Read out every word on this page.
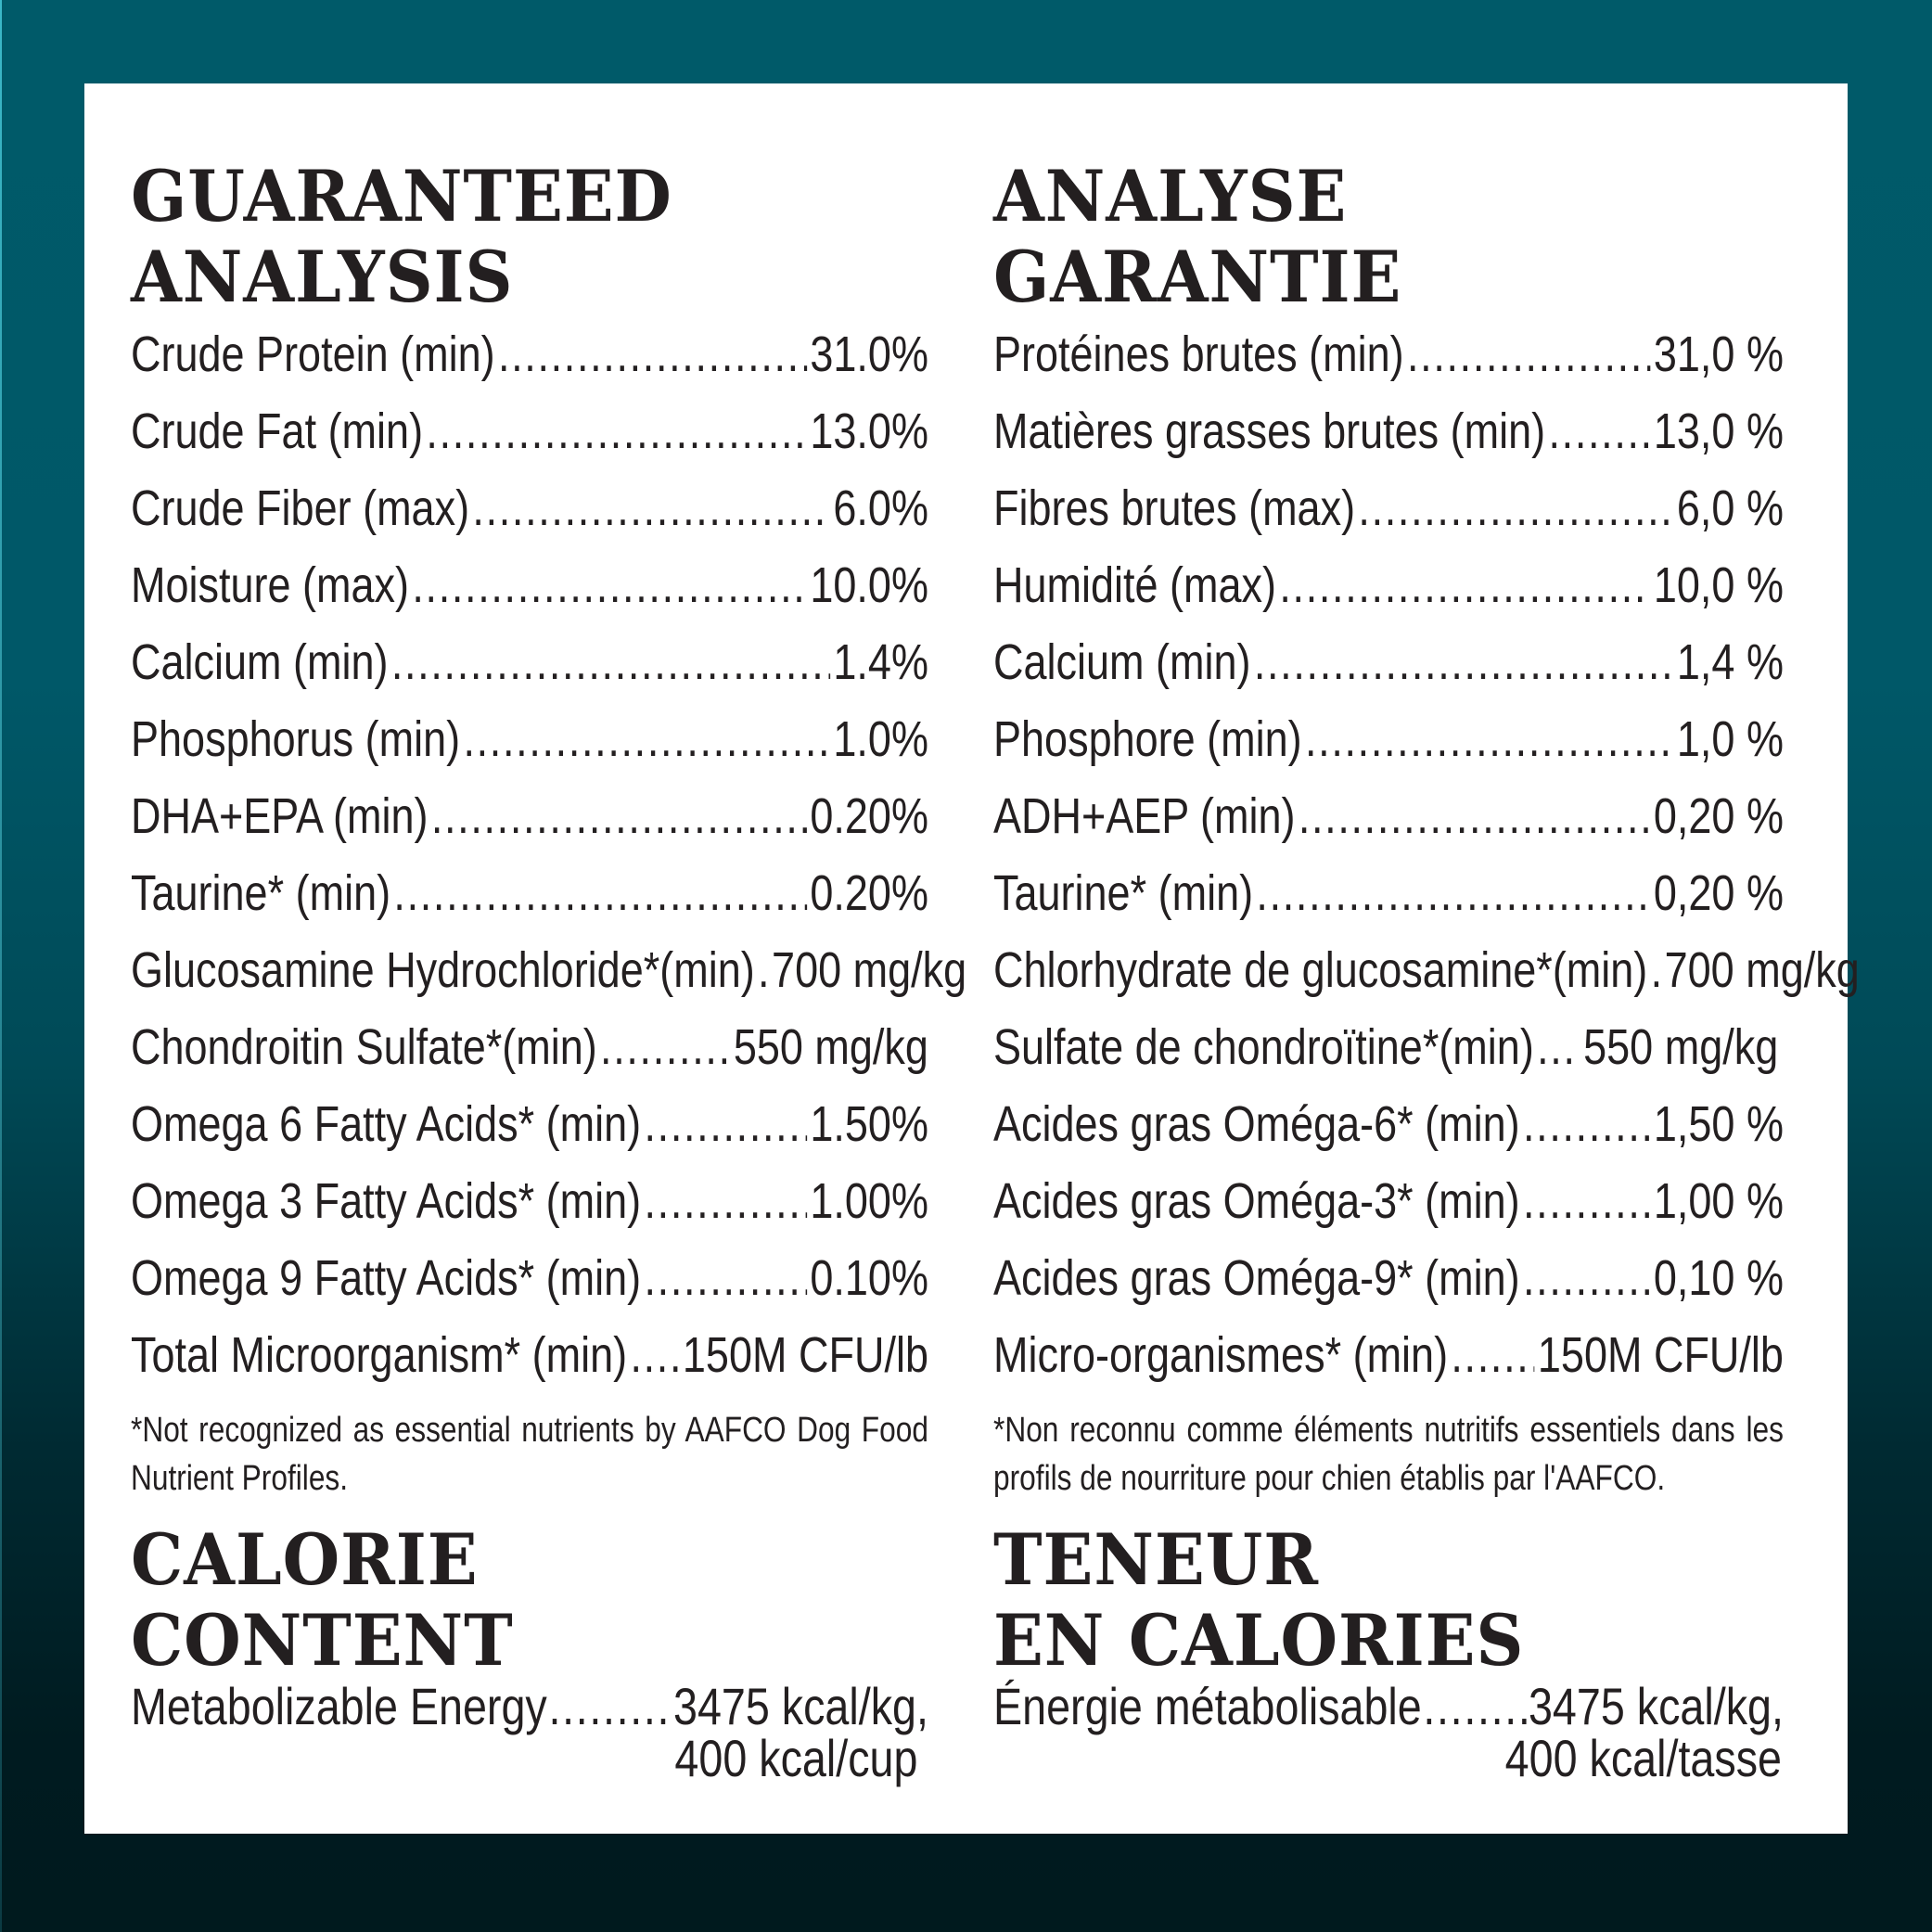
GUARANTEED
ANALYSIS
Crude Protein (min) .....	31.0%
Crude Fat (min) .....	13.0%
Crude Fiber (max) .....	6.0%
Moisture (max) .....	10.0%
Calcium (min) .....	1.4%
Phosphorus (min) .....	1.0%
DHA+EPA (min) .....	0.20%
Taurine* (min) .....	0.20%
Glucosamine Hydrochloride*(min) ..... 700 mg/kg
Chondroitin Sulfate*(min) .....	550 mg/kg
Omega 6 Fatty Acids* (min) .....	1.50%
Omega 3 Fatty Acids* (min) .....	1.00%
Omega 9 Fatty Acids* (min) .....	0.10%
Total Microorganism* (min) ..... 150M CFU/lb
*Not recognized as essential nutrients by AAFCO Dog Food Nutrient Profiles.
CALORIE
CONTENT
Metabolizable Energy ..... 3475 kcal/kg,
400 kcal/cup
ANALYSE
GARANTIE
Protéines brutes (min) .....	31,0 %
Matières grasses brutes (min) ..... 13,0 %
Fibres brutes (max) .....	6,0 %
Humidité (max) .....	10,0 %
Calcium (min) .....	1,4 %
Phosphore (min) .....	1,0 %
ADH+AEP (min) .....	0,20 %
Taurine* (min) .....	0,20 %
Chlorhydrate de glucosamine*(min) ..... 700 mg/kg
Sulfate de chondroïtine*(min) ..... 550 mg/kg
Acides gras Oméga-6* (min) .....	1,50 %
Acides gras Oméga-3* (min) .....	1,00 %
Acides gras Oméga-9* (min) .....	0,10 %
Micro-organismes* (min) ..... 150M CFU/lb
*Non reconnu comme éléments nutritifs essentiels dans les profils de nourriture pour chien établis par l'AAFCO.
TENEUR
EN CALORIES
Énergie métabolisable ..... 3475 kcal/kg,
400 kcal/tasse
